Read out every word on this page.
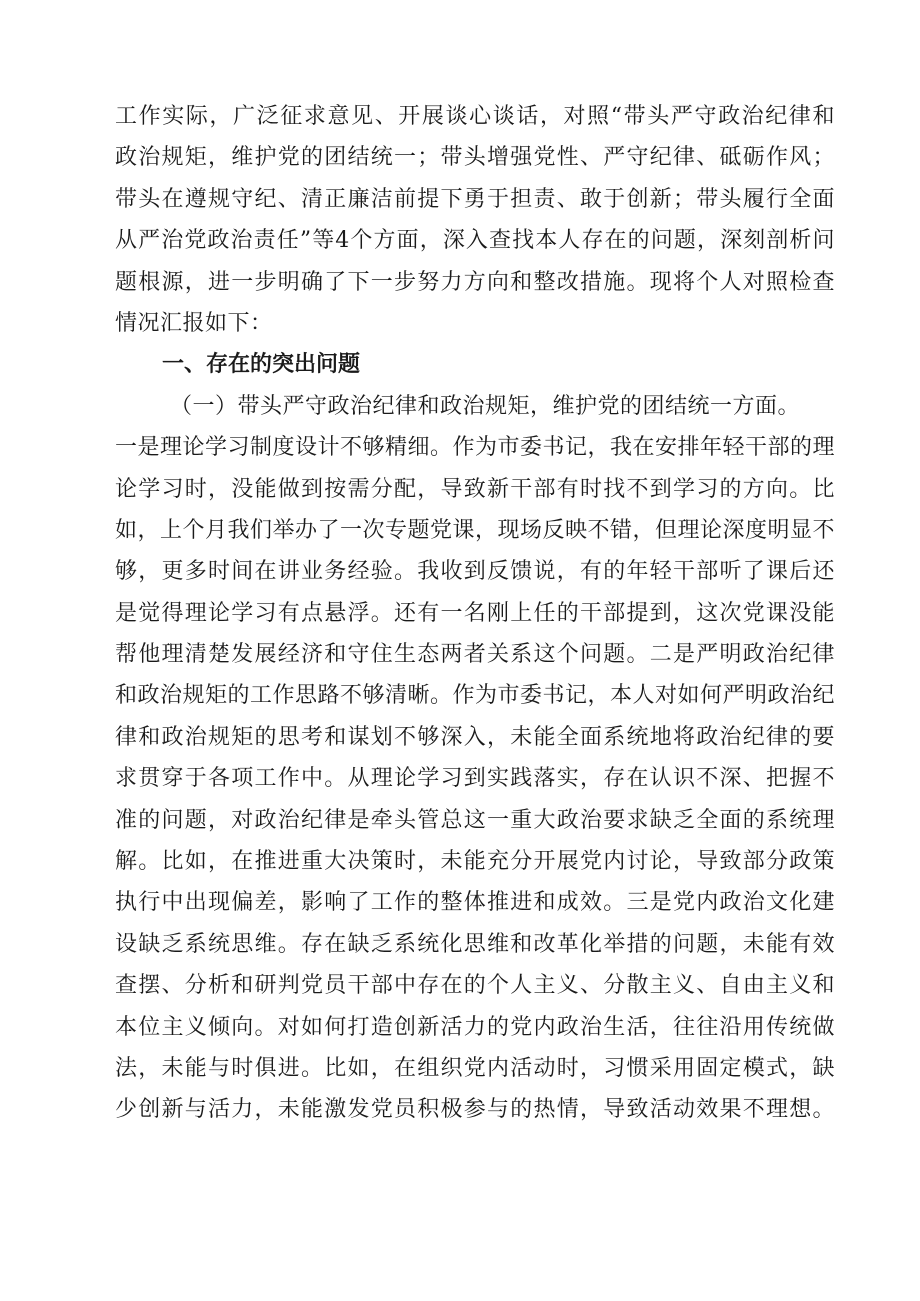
工作实际，广泛征求意见、开展谈心谈话，对照“带头严守政治纪律和
政治规矩，维护党的团结统一；带头增强党性、严守纪律、砥砺作风；
带头在遵规守纪、清正廉洁前提下勇于担责、敢于创新；带头履行全面
从严治党政治责任”等4个方面，深入查找本人存在的问题，深刻剖析问
题根源，进一步明确了下一步努力方向和整改措施。现将个人对照检查
情况汇报如下：
一、存在的突出问题
（一）带头严守政治纪律和政治规矩，维护党的团结统一方面。
一是理论学习制度设计不够精细。作为市委书记，我在安排年轻干部的理
论学习时，没能做到按需分配，导致新干部有时找不到学习的方向。比
如，上个月我们举办了一次专题党课，现场反映不错，但理论深度明显不
够，更多时间在讲业务经验。我收到反馈说，有的年轻干部听了课后还
是觉得理论学习有点悬浮。还有一名刚上任的干部提到，这次党课没能
帮他理清楚发展经济和守住生态两者关系这个问题。二是严明政治纪律
和政治规矩的工作思路不够清晰。作为市委书记，本人对如何严明政治纪
律和政治规矩的思考和谋划不够深入，未能全面系统地将政治纪律的要
求贯穿于各项工作中。从理论学习到实践落实，存在认识不深、把握不
准的问题，对政治纪律是牵头管总这一重大政治要求缺乏全面的系统理
解。比如，在推进重大决策时，未能充分开展党内讨论，导致部分政策
执行中出现偏差，影响了工作的整体推进和成效。三是党内政治文化建
设缺乏系统思维。存在缺乏系统化思维和改革化举措的问题，未能有效
查摆、分析和研判党员干部中存在的个人主义、分散主义、自由主义和
本位主义倾向。对如何打造创新活力的党内政治生活，往往沿用传统做
法，未能与时俱进。比如，在组织党内活动时，习惯采用固定模式，缺
少创新与活力，未能激发党员积极参与的热情，导致活动效果不理想。
